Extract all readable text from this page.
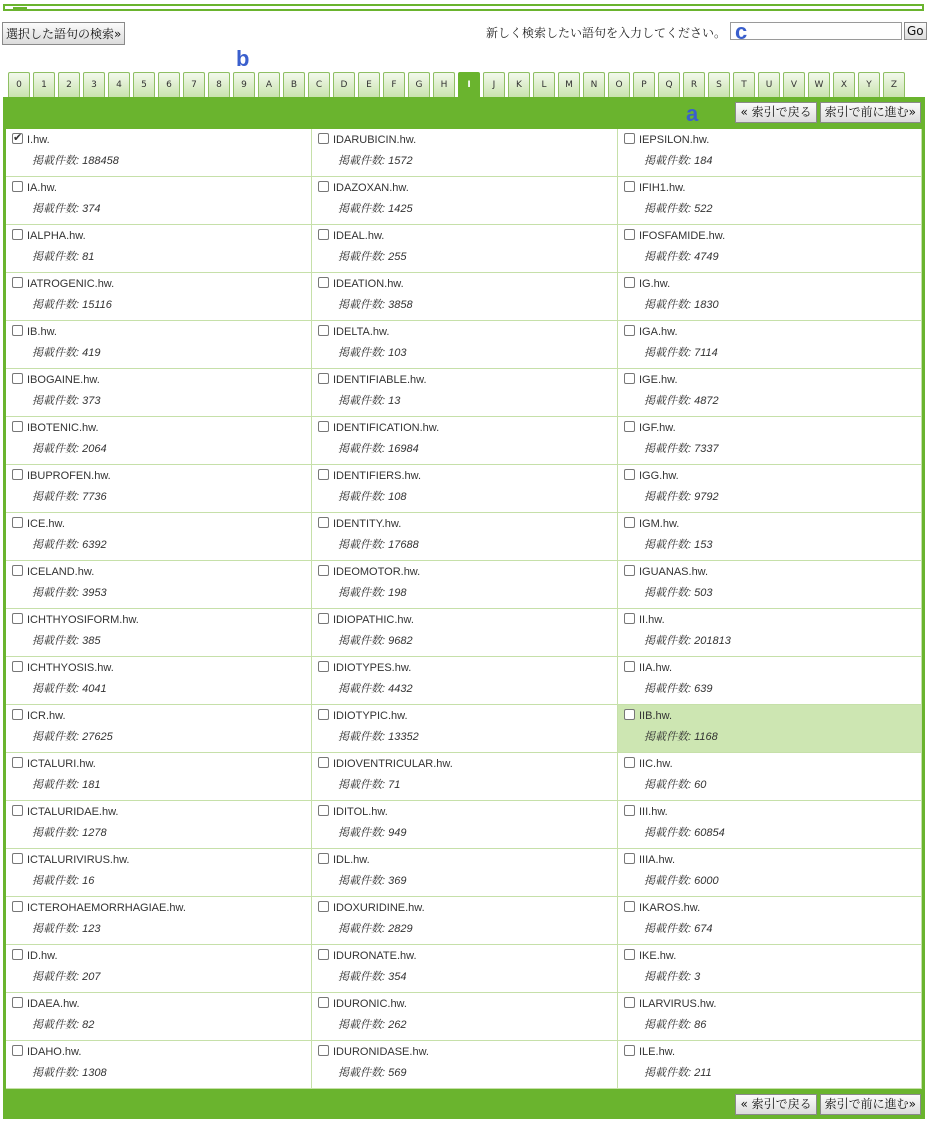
選択した語句の検索»	新しく検索したい語句を入力してください。	Go
b
c
0	1	2	3	4	5	6	7	8	9	A	B	C	D	E	F	G	H	I	J	K	L	M	N	O	P	Q	R	S	T	U	V	W	X	Y	Z
« 索引で戻る 索引で前に進む»
✔
I.hw.
掲載件数: 188458
IDARUBICIN.hw.
掲載件数: 1572
IEPSILON.hw.
掲載件数: 184
IA.hw.
掲載件数: 374
IDAZOXAN.hw.
掲載件数: 1425
IFIH1.hw.
掲載件数: 522
IALPHA.hw.
掲載件数: 81
IDEAL.hw.
掲載件数: 255
IFOSFAMIDE.hw.
掲載件数: 4749
IATROGENIC.hw.
掲載件数: 15116
IDEATION.hw.
掲載件数: 3858
IG.hw.
掲載件数: 1830
IB.hw.
掲載件数: 419
IDELTA.hw.
掲載件数: 103
IGA.hw.
掲載件数: 7114
IBOGAINE.hw.
掲載件数: 373
IDENTIFIABLE.hw.
掲載件数: 13
IGE.hw.
掲載件数: 4872
IBOTENIC.hw.
掲載件数: 2064
IDENTIFICATION.hw.
掲載件数: 16984
IGF.hw.
掲載件数: 7337
IBUPROFEN.hw.
掲載件数: 7736
IDENTIFIERS.hw.
掲載件数: 108
IGG.hw.
掲載件数: 9792
ICE.hw.
掲載件数: 6392
IDENTITY.hw.
掲載件数: 17688
IGM.hw.
掲載件数: 153
ICELAND.hw.
掲載件数: 3953
IDEOMOTOR.hw.
掲載件数: 198
IGUANAS.hw.
掲載件数: 503
ICHTHYOSIFORM.hw.
掲載件数: 385
IDIOPATHIC.hw.
掲載件数: 9682
II.hw.
掲載件数: 201813
ICHTHYOSIS.hw.
掲載件数: 4041
IDIOTYPES.hw.
掲載件数: 4432
IIA.hw.
掲載件数: 639
ICR.hw.
掲載件数: 27625
IDIOTYPIC.hw.
掲載件数: 13352
IIB.hw.
掲載件数: 1168
ICTALURI.hw.
掲載件数: 181
IDIOVENTRICULAR.hw.
掲載件数: 71
IIC.hw.
掲載件数: 60
ICTALURIDAE.hw.
掲載件数: 1278
IDITOL.hw.
掲載件数: 949
III.hw.
掲載件数: 60854
ICTALURIVIRUS.hw.
掲載件数: 16
IDL.hw.
掲載件数: 369
IIIA.hw.
掲載件数: 6000
ICTEROHAEMORRHAGIAE.hw.
掲載件数: 123
IDOXURIDINE.hw.
掲載件数: 2829
IKAROS.hw.
掲載件数: 674
ID.hw.
掲載件数: 207
IDURONATE.hw.
掲載件数: 354
IKE.hw.
掲載件数: 3
IDAEA.hw.
掲載件数: 82
IDURONIC.hw.
掲載件数: 262
ILARVIRUS.hw.
掲載件数: 86
IDAHO.hw.
掲載件数: 1308
IDURONIDASE.hw.
掲載件数: 569
ILE.hw.
掲載件数: 211
« 索引で戻る 索引で前に進む»
a
